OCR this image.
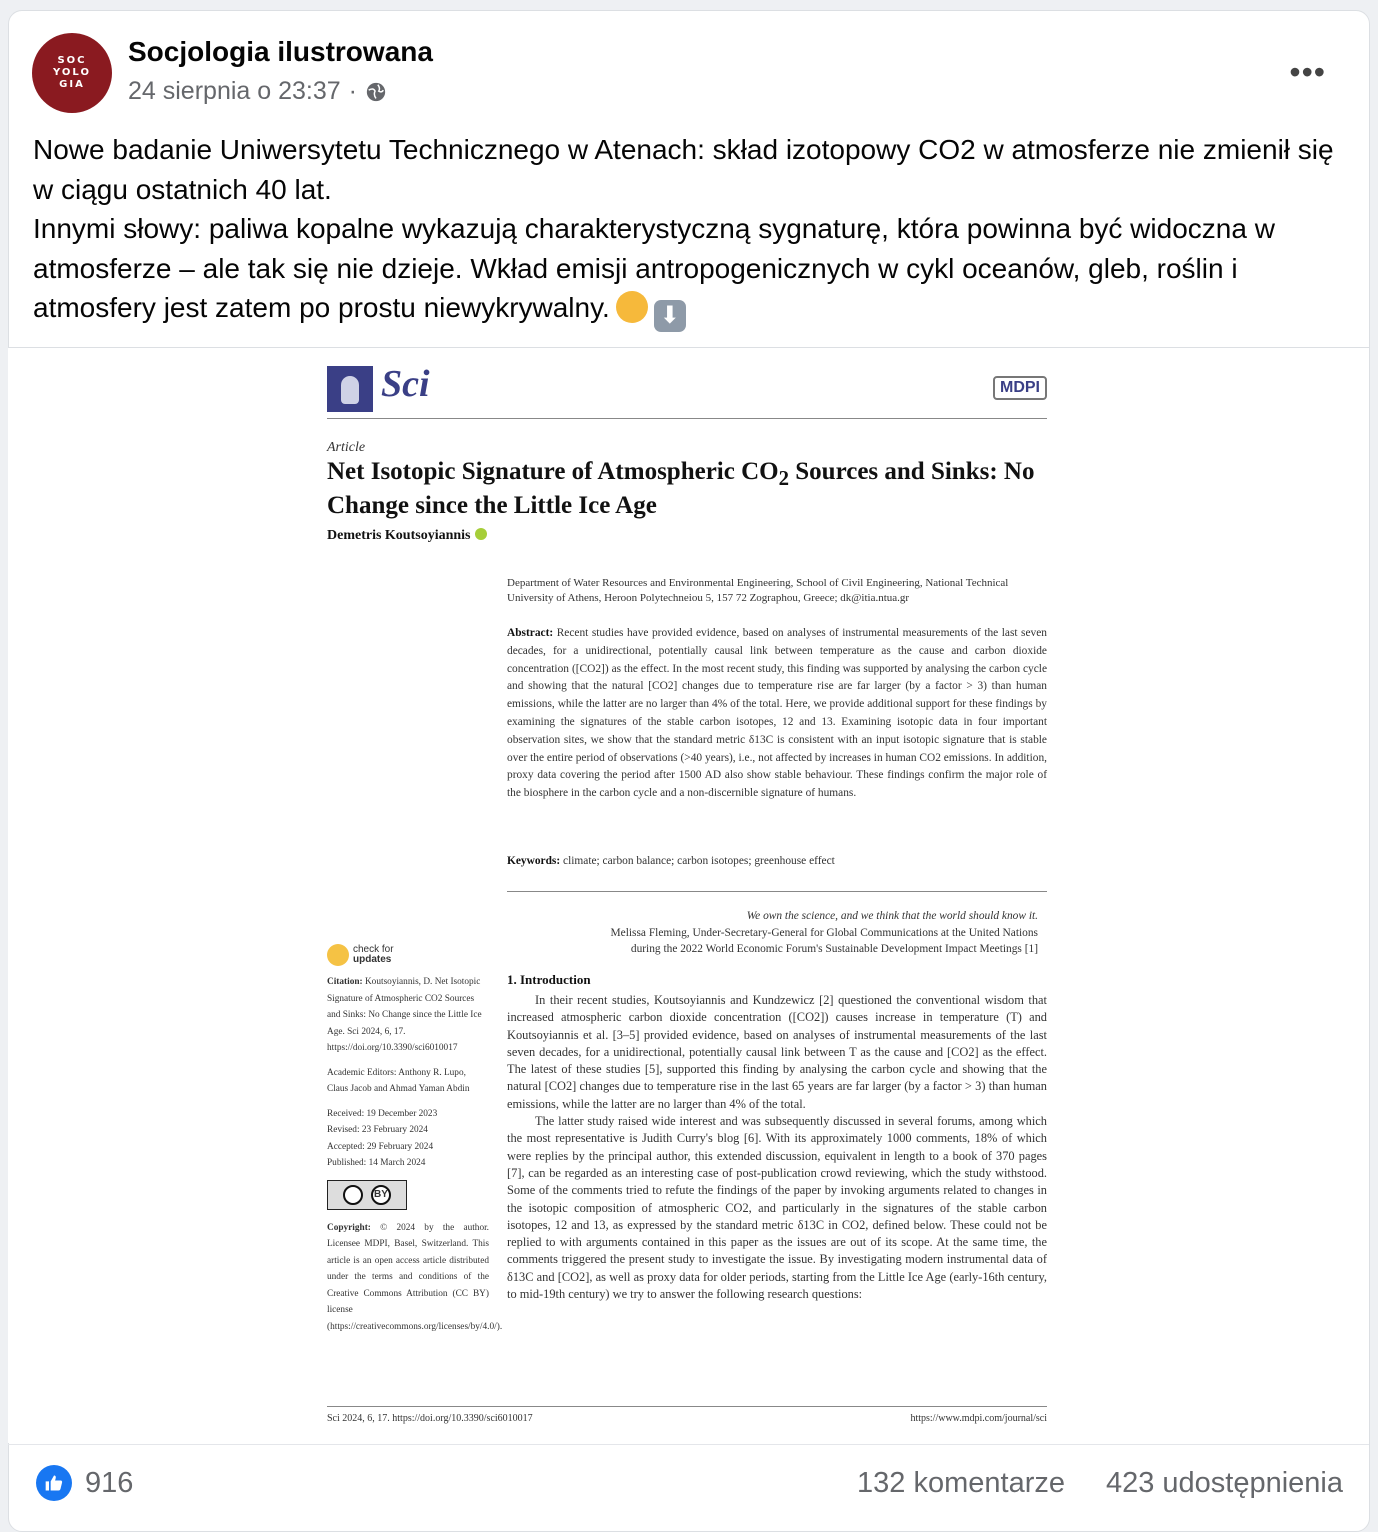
SOC
YOLO
GIA
Socjologia ilustrowana
24 sierpnia o 23:37 ·
•••

Nowe badanie Uniwersytetu Technicznego w Atenach: skład izotopowy CO2 w atmosferze nie zmienił się w ciągu ostatnich 40 lat.

Innymi słowy: paliwa kopalne wykazują charakterystyczną sygnaturę, która powinna być widoczna w atmosferze – ale tak się nie dzieje. Wkład emisji antropogenicznych w cykl oceanów, gleb, roślin i atmosfery jest zatem po prostu niewykrywalny. ⬇

Sci	MDPI
Article
Net Isotopic Signature of Atmospheric $CO_2$ Sources and Sinks: No Change since the Little Ice Age
Demetris Koutsoyiannis
Department of Water Resources and Environmental Engineering, School of Civil Engineering, National Technical University of Athens, Heroon Polytechneiou 5, 157 72 Zographou, Greece; dk@itia.ntua.gr
Abstract: Recent studies have provided evidence, based on analyses of instrumental measurements of the last seven decades, for a unidirectional, potentially causal link between temperature as the cause and carbon dioxide concentration ([CO2]) as the effect. In the most recent study, this finding was supported by analysing the carbon cycle and showing that the natural [CO2] changes due to temperature rise are far larger (by a factor > 3) than human emissions, while the latter are no larger than 4% of the total. Here, we provide additional support for these findings by examining the signatures of the stable carbon isotopes, 12 and 13. Examining isotopic data in four important observation sites, we show that the standard metric δ13C is consistent with an input isotopic signature that is stable over the entire period of observations (>40 years), i.e., not affected by increases in human CO2 emissions. In addition, proxy data covering the period after 1500 AD also show stable behaviour. These findings confirm the major role of the biosphere in the carbon cycle and a non-discernible signature of humans.
Keywords: climate; carbon balance; carbon isotopes; greenhouse effect
We own the science, and we think that the world should know it.
Melissa Fleming, Under-Secretary-General for Global Communications at the United Nations
during the 2022 World Economic Forum's Sustainable Development Impact Meetings [1]
check for
updates
Citation: Koutsoyiannis, D. Net Isotopic Signature of Atmospheric CO2 Sources and Sinks: No Change since the Little Ice Age. Sci 2024, 6, 17. https://doi.org/10.3390/sci6010017
Academic Editors: Anthony R. Lupo, Claus Jacob and Ahmad Yaman Abdin
Received: 19 December 2023
Revised: 23 February 2024
Accepted: 29 February 2024
Published: 14 March 2024
BY
Copyright: © 2024 by the author. Licensee MDPI, Basel, Switzerland. This article is an open access article distributed under the terms and conditions of the Creative Commons Attribution (CC BY) license (https://creativecommons.org/licenses/by/4.0/).
1. Introduction

In their recent studies, Koutsoyiannis and Kundzewicz [2] questioned the conventional wisdom that increased atmospheric carbon dioxide concentration ([CO2]) causes increase in temperature (T) and Koutsoyiannis et al. [3–5] provided evidence, based on analyses of instrumental measurements of the last seven decades, for a unidirectional, potentially causal link between T as the cause and [CO2] as the effect. The latest of these studies [5], supported this finding by analysing the carbon cycle and showing that the natural [CO2] changes due to temperature rise in the last 65 years are far larger (by a factor > 3) than human emissions, while the latter are no larger than 4% of the total.

The latter study raised wide interest and was subsequently discussed in several forums, among which the most representative is Judith Curry's blog [6]. With its approximately 1000 comments, 18% of which were replies by the principal author, this extended discussion, equivalent in length to a book of 370 pages [7], can be regarded as an interesting case of post-publication crowd reviewing, which the study withstood. Some of the comments tried to refute the findings of the paper by invoking arguments related to changes in the isotopic composition of atmospheric CO2, and particularly in the signatures of the stable carbon isotopes, 12 and 13, as expressed by the standard metric δ13C in CO2, defined below. These could not be replied to with arguments contained in this paper as the issues are out of its scope. At the same time, the comments triggered the present study to investigate the issue. By investigating modern instrumental data of δ13C and [CO2], as well as proxy data for older periods, starting from the Little Ice Age (early-16th century, to mid-19th century) we try to answer the following research questions:

Sci 2024, 6, 17. https://doi.org/10.3390/sci6010017	https://www.mdpi.com/journal/sci
916	132 komentarze 423 udostępnienia
